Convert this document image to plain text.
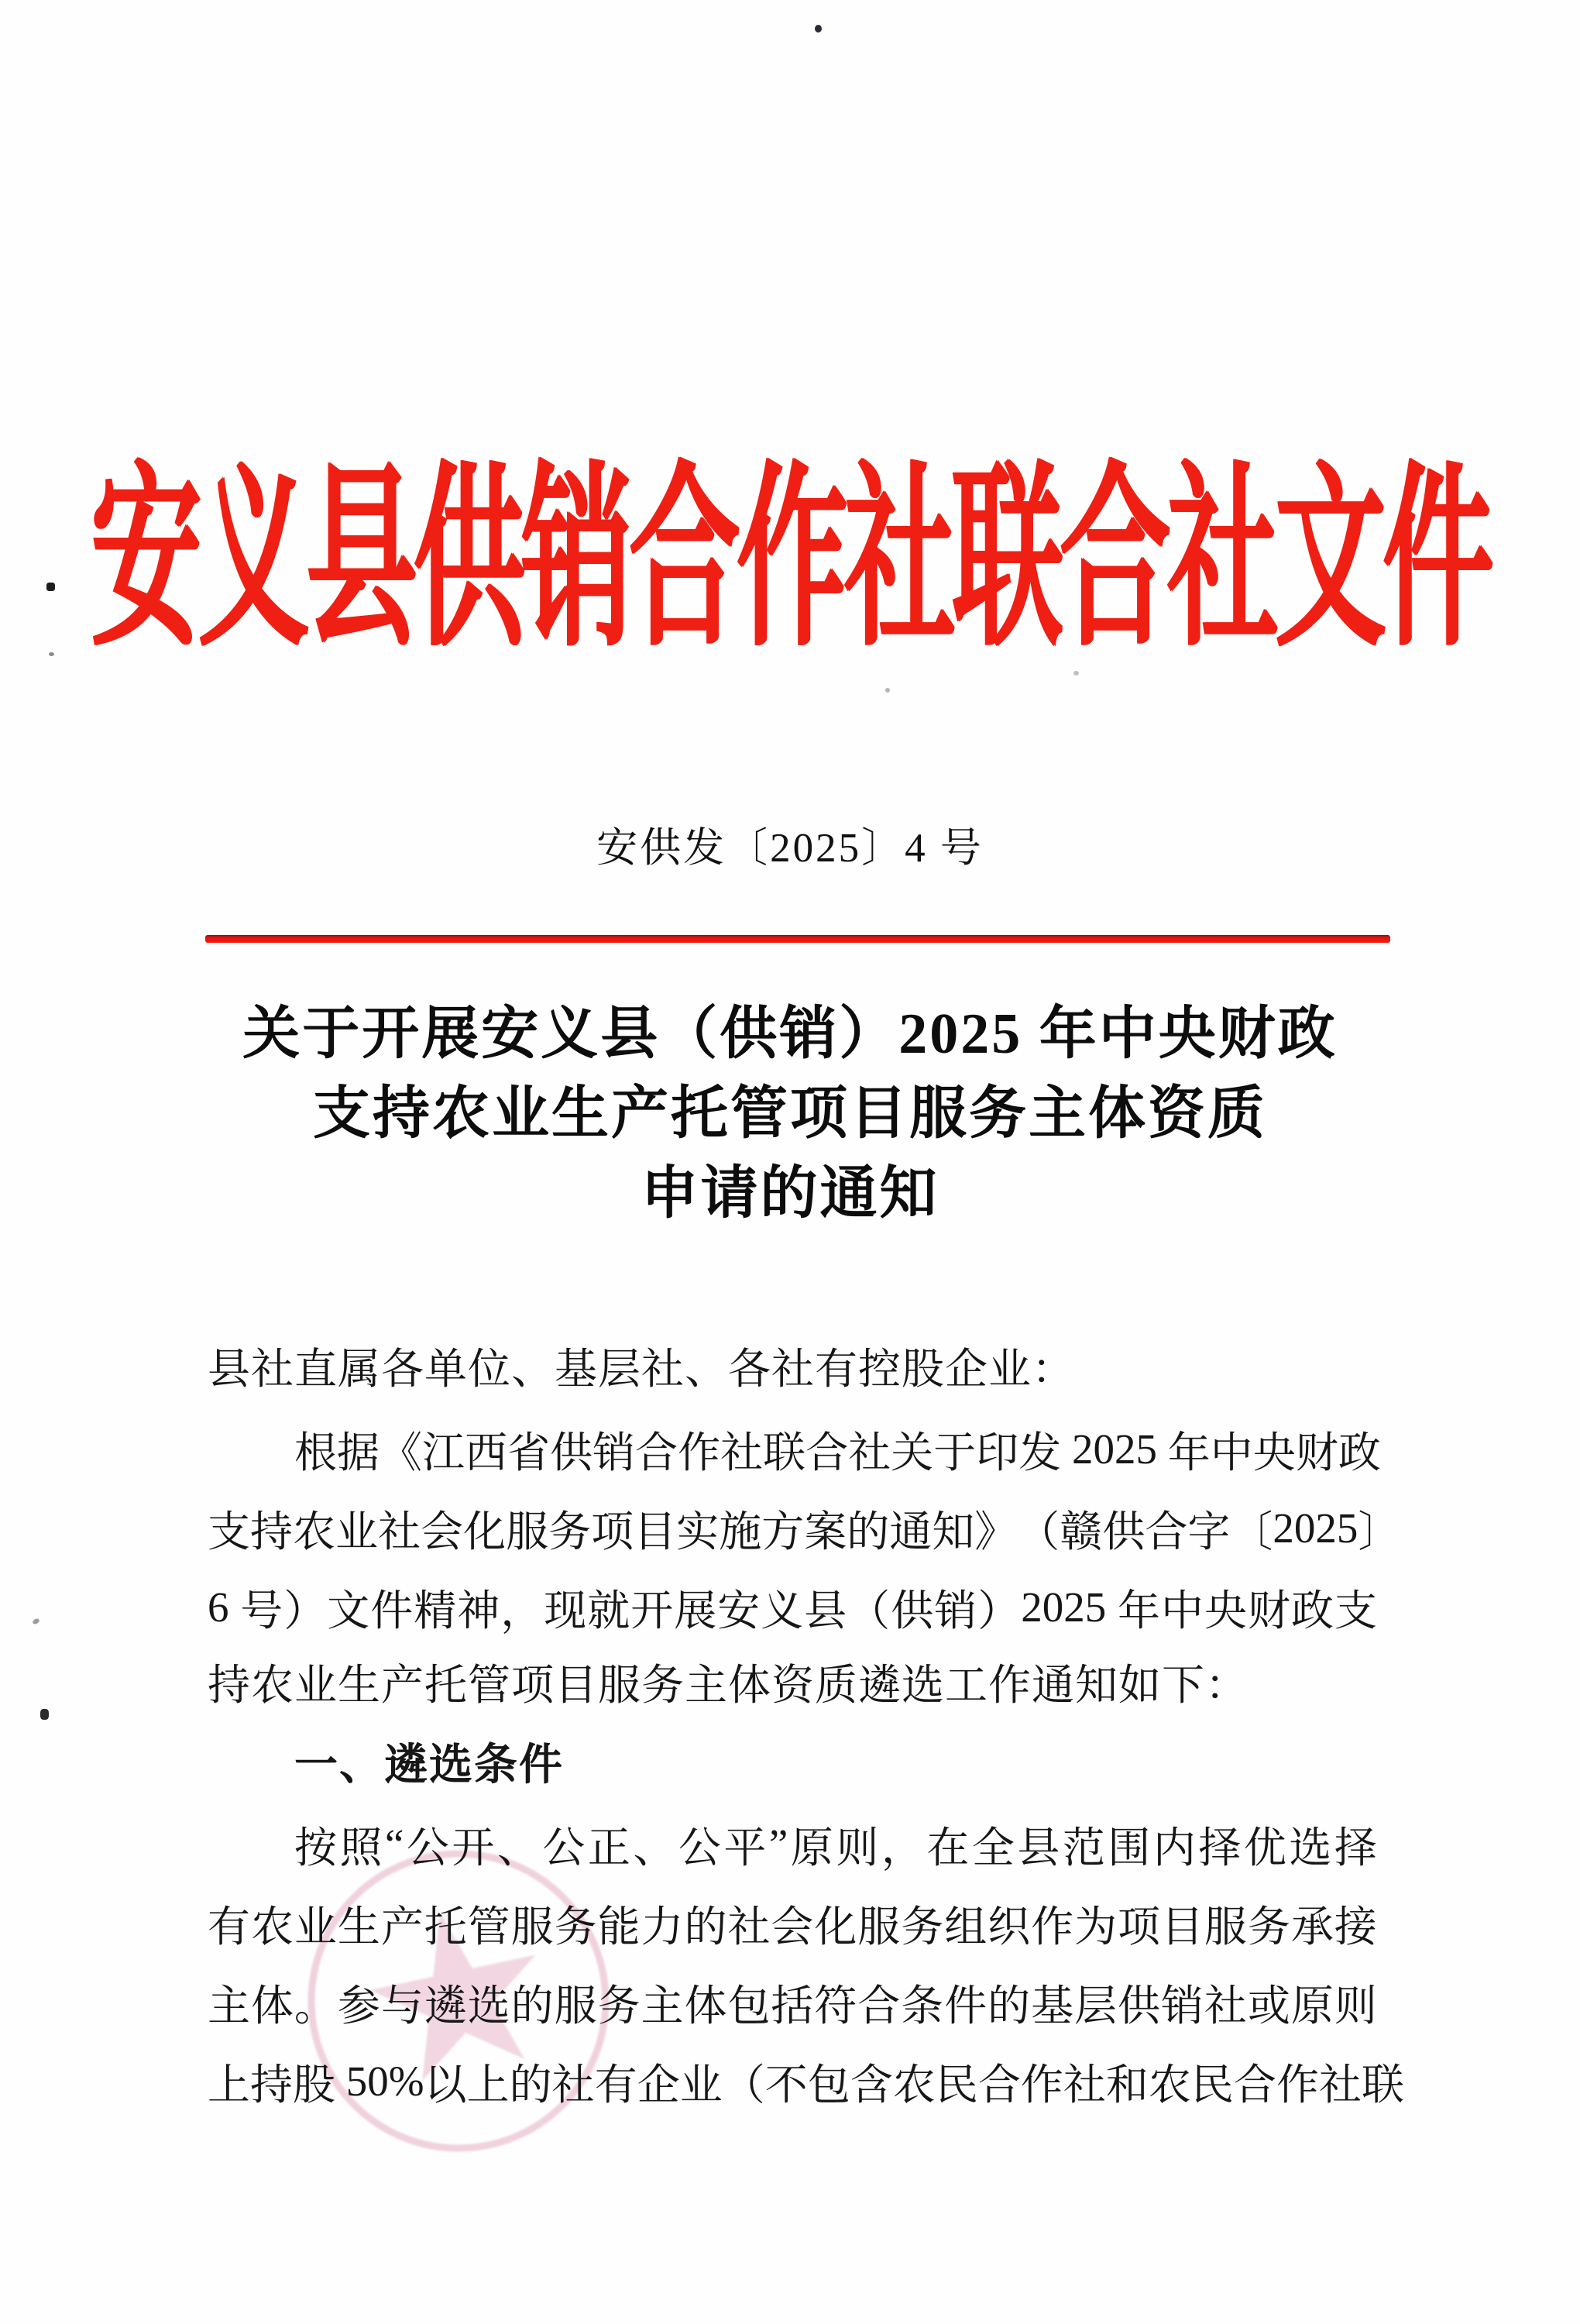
安义县供销合作社联合社文件
安供发〔2025〕4 号
关于开展安义县（供销）2025 年中央财政
支持农业生产托管项目服务主体资质
申请的通知
县社直属各单位、基层社、各社有控股企业：
根 据 《 江 西 省 供 销 合 作 社 联 合 社 关 于 印 发 2025 年 中 央 财 政
支 持 农 业 社 会 化 服 务 项 目 实 施 方 案 的 通 知 》 （ 赣 供 合 字 〔 2025 〕
6 号 ） 文 件 精 神 ， 现 就 开 展 安 义 县 （ 供 销 ） 2025 年 中 央 财 政 支
持农业生产托管项目服务主体资质遴选工作通知如下：
一、遴选条件
按 照 “ 公 开 、 公 正 、 公 平 ” 原 则 ， 在 全 县 范 围 内 择 优 选 择
有 农 业 生 产 托 管 服 务 能 力 的 社 会 化 服 务 组 织 作 为 项 目 服 务 承 接
主 体 。 参 与 遴 选 的 服 务 主 体 包 括 符 合 条 件 的 基 层 供 销 社 或 原 则
上 持 股 50% 以 上 的 社 有 企 业 （ 不 包 含 农 民 合 作 社 和 农 民 合 作 社 联
